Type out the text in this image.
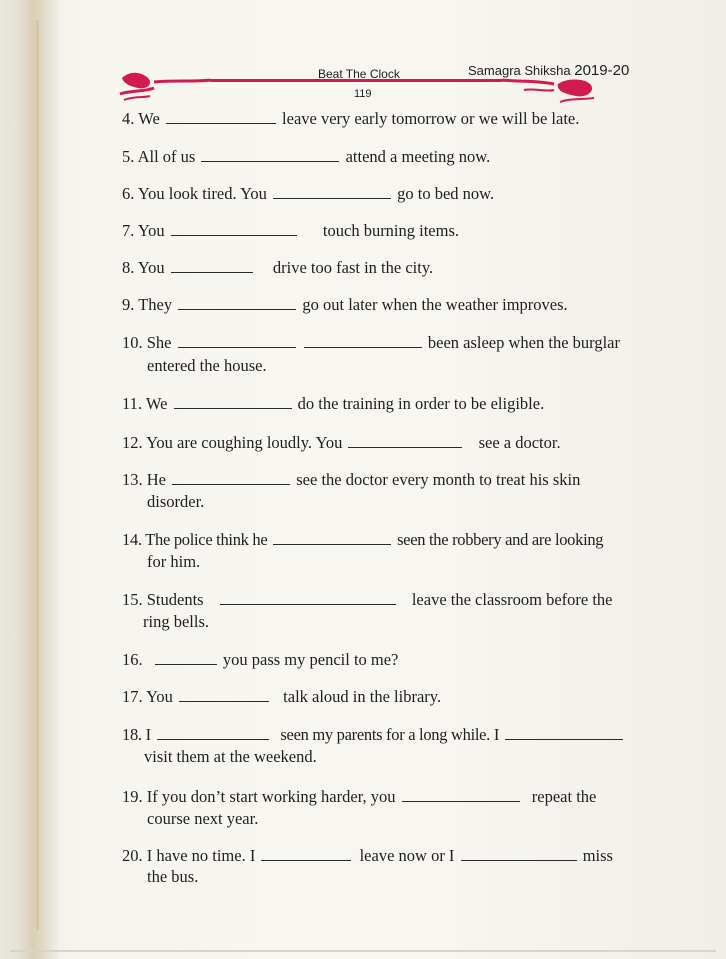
Beat The Clock
119
Samagra Shiksha 2019-20
4. We	leave very early tomorrow or we will be late.
5. All of us	attend a meeting now.
6. You look tired. You	go to bed now.
7. You	touch burning items.
8. You	drive too fast in the city.
9. They	go out later when the weather improves.
10. She	been asleep when the burglar
entered the house.
11. We	do the training in order to be eligible.
12. You are coughing loudly. You	see a doctor.
13. He	see the doctor every month to treat his skin
disorder.
14. The police think he	seen the robbery and are looking
for him.
15. Students	leave the classroom before the
ring bells.
16.	you pass my pencil to me?
17. You	talk aloud in the library.
18. I	seen my parents for a long while. I
visit them at the weekend.
19. If you don’t start working harder, you	repeat the
course next year.
20. I have no time. I	leave now or I	miss
the bus.
